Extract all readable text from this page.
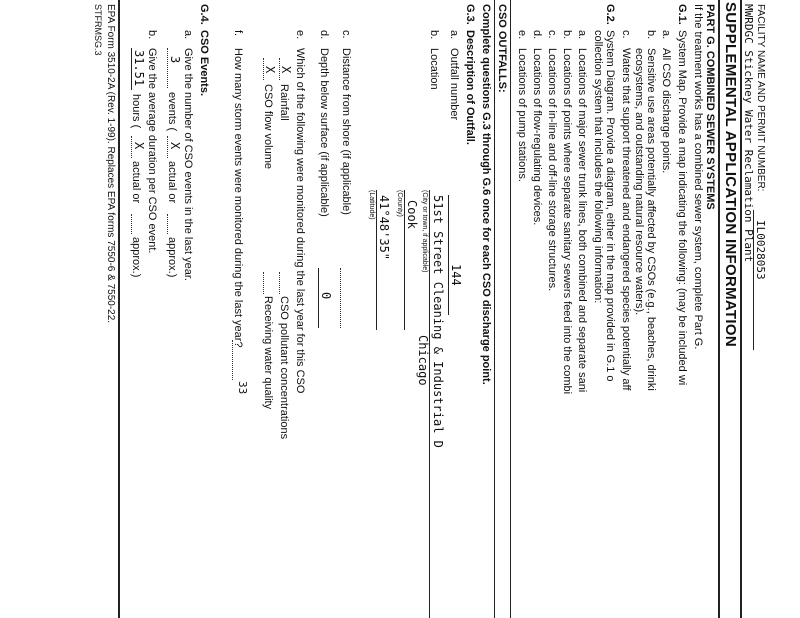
FACILITY NAME AND PERMIT NUMBER:
MWRDGC Stickney Water Reclamation Plant IL0028053
SUPPLEMENTAL APPLICATION INFORMATION
PART G. COMBINED SEWER SYSTEMS
If the treatment works has a combined sewer system, complete Part G.
G.1.
System Map. Provide a map indicating the following: (may be included wi
a.
All CSO discharge points.
b.
Sensitive use areas potentially affected by CSOs (e.g., beaches, drinki
ecosystems, and outstanding natural resource waters).
c.
Waters that support threatened and endangered species potentially aff
G.2.
System Diagram. Provide a diagram, either in the map provided in G.1 o
collection system that includes the following information:
a.
Locations of major sewer trunk lines, both combined and separate sani
b.
Locations of points where separate sanitary sewers feed into the combi
c.
Locations of in-line and off-line storage structures.
d.
Locations of flow-regulating devices.
e.
Locations of pump stations.
CSO OUTFALLS:
Complete questions G.3 through G.6 once for each CSO discharge point.
G.3.
Description of Outfall.
a.
Outfall number
144
b.
Location
51st Street Cleaning & Industrial D
(City or town, if applicable)
Chicago
Cook
(County)
41°48'35"
(Latitude)
c.
Distance from shore (if applicable)
d.
Depth below surface (if applicable)
0
e.
Which of the following were monitored during the last year for this CSO
X
Rainfall
CSO pollutant concentrations
X
CSO flow volume
Receiving water quality
f.
How many storm events were monitored during the last year?
33
G.4.
CSO Events.
a.
Give the number of CSO events in the last year.
3
events (
X
actual or
approx.)
b.
Give the average duration per CSO event.
31.51
hours (
X
actual or
approx.)
EPA Form 3510-2A (Rev. 1-99). Replaces EPA forms 7550-6 & 7550-22.
STFRMSG.3
